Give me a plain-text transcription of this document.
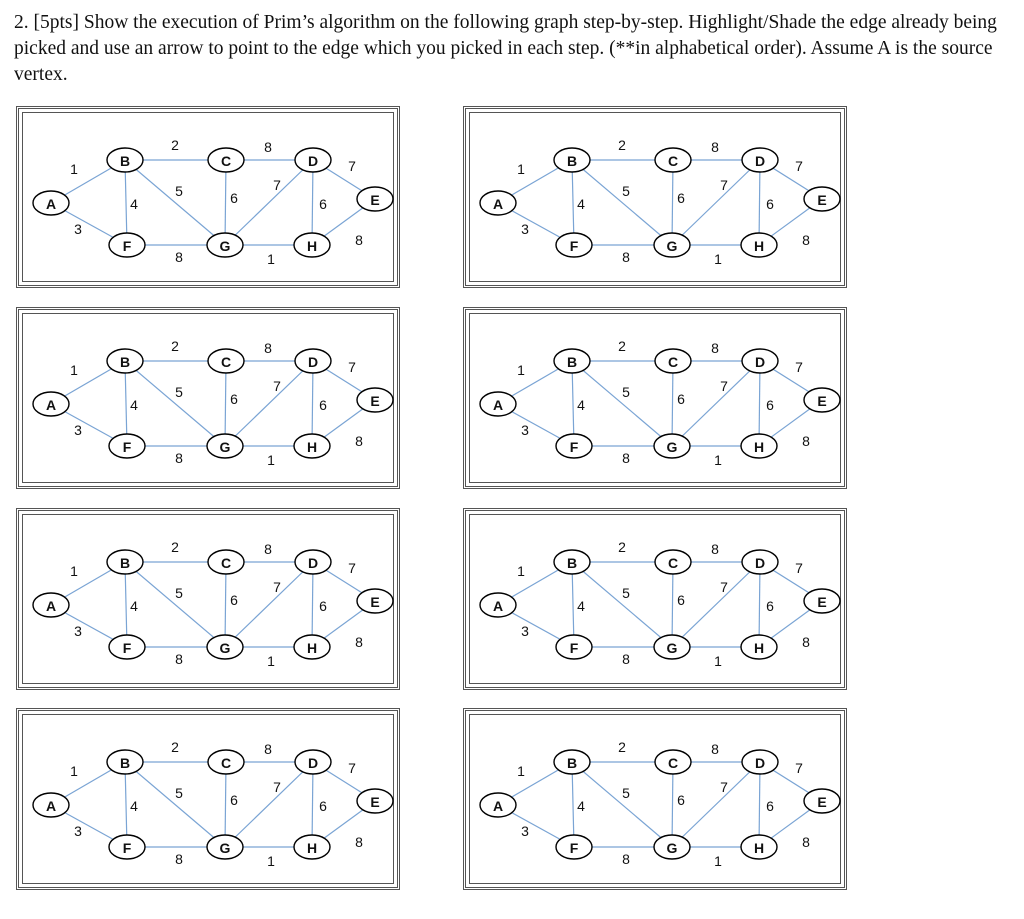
2. [5pts] Show the execution of Prim’s algorithm on the following graph step-by-step. Highlight/Shade the edge already being picked and use an arrow to point to the edge which you picked in each step. (**in alphabetical order). Assume A is the source vertex.
1
3
2
4
5	6
8
7
6
7
8	1
8
A
B	C	D
E
F	G	H
1
3
2
4
5	6
8
7
6
7
8	1
8
A
B	C	D
E
F	G	H
1
3
2
4
5	6
8
7
6
7
8	1
8
A
B	C	D
E
F	G	H
1
3
2
4
5	6
8
7
6
7
8	1
8
A
B	C	D
E
F	G	H
1
3
2
4
5	6
8
7
6
7
8	1
8
A
B	C	D
E
F	G	H
1
3
2
4
5	6
8
7
6
7
8	1
8
A
B	C	D
E
F	G	H
1
3
2
4
5	6
8
7
6
7
8	1
8
A
B	C	D
E
F	G	H
1
3
2
4
5	6
8
7
6
7
8	1
8
A
B	C	D
E
F	G	H
